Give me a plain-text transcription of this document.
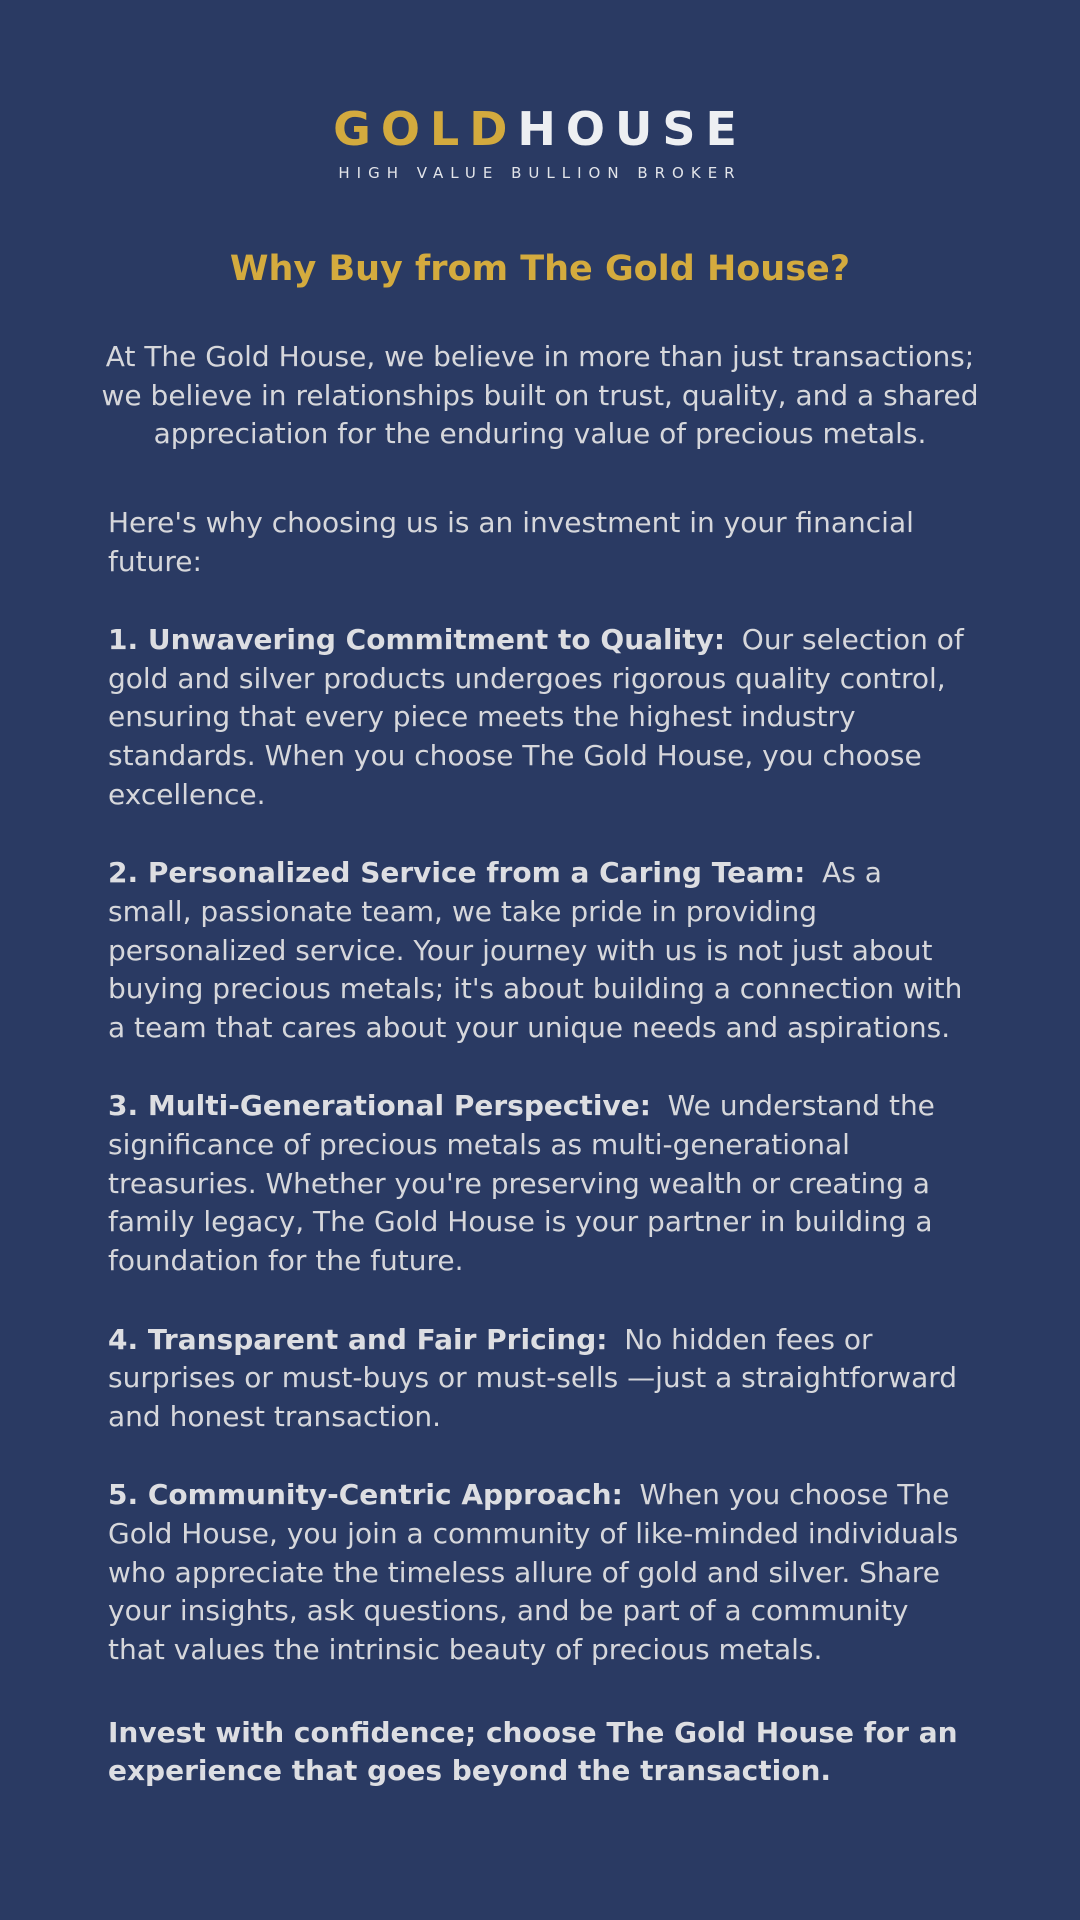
GOLDHOUSE
HIGH VALUE BULLION BROKER
Why Buy from The Gold House?

At The Gold House, we believe in more than just transactions; we believe in relationships built on trust, quality, and a shared appreciation for the enduring value of precious metals.

Here's why choosing us is an investment in your financial future:

1. Unwavering Commitment to Quality: Our selection of gold and silver products undergoes rigorous quality control, ensuring that every piece meets the highest industry standards. When you choose The Gold House, you choose excellence.

2. Personalized Service from a Caring Team: As a small, passionate team, we take pride in providing personalized service. Your journey with us is not just about buying precious metals; it's about building a connection with a team that cares about your unique needs and aspirations.

3. Multi-Generational Perspective: We understand the significance of precious metals as multi-generational treasuries. Whether you're preserving wealth or creating a family legacy, The Gold House is your partner in building a foundation for the future.

4. Transparent and Fair Pricing: No hidden fees or surprises or must-buys or must-sells —just a straightforward and honest transaction.

5. Community-Centric Approach: When you choose The Gold House, you join a community of like-minded individuals who appreciate the timeless allure of gold and silver. Share your insights, ask questions, and be part of a community that values the intrinsic beauty of precious metals.

Invest with confidence; choose The Gold House for an experience that goes beyond the transaction.
